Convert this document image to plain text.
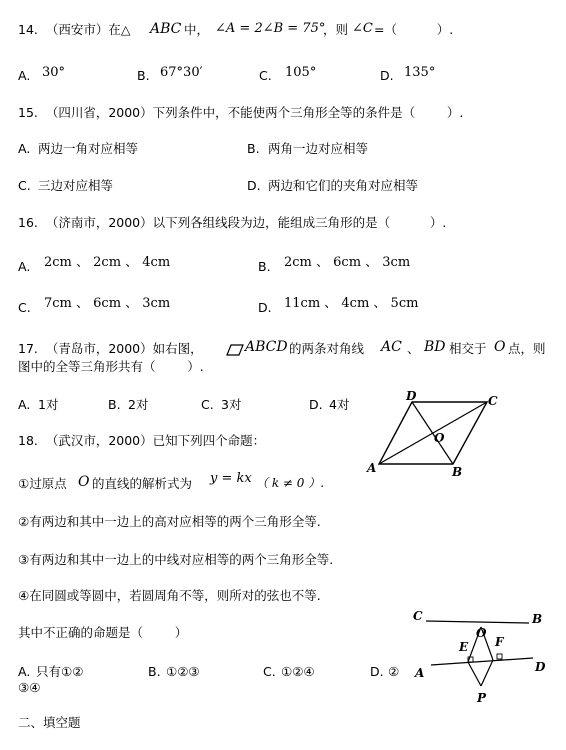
14.  （西安市）在△ ABC 中， ∠A = 2∠B = 75°
，则 ∠C =（          ）.
A. 30°	B. 67°30′	C. 105°	D. 135°
15.  （四川省，2000）下列条件中，不能使两个三角形全等的条件是（        ）.
A. 两边一角对应相等	B. 两角一边对应相等
C. 三边对应相等	D. 两边和它们的夹角对应相等
16.  （济南市，2000）以下列各组线段为边，能组成三角形的是（          ）.
A. 2cm 、 2cm 、 4cm	B. 2cm 、 6cm 、 3cm
C. 7cm 、 6cm 、 3cm	D. 11cm 、 4cm 、 5cm
17.  （青岛市，2000）如右图，	ABCD 的两条对角线 AC 、 BD 相交于 O 点，则
图中的全等三角形共有（        ）.
A. 1对	B. 2对	C. 3对	D. 4对
A	B
C
D
O
18.  （武汉市，2000）已知下列四个命题：
①过原点 O 的直线的解析式为 y = kx （ k ≠ 0 ）.
②有两边和其中一边上的高对应相等的两个三角形全等.
③有两边和其中一边上的中线对应相等的两个三角形全等.
④在同圆或等圆中，若圆周角不等，则所对的弦也不等.
其中不正确的命题是（        ）
A. 只有①②	B. ①②③	C. ①②④	D. ②
③④
C
O
B
E F
A	D
P
二、填空题
